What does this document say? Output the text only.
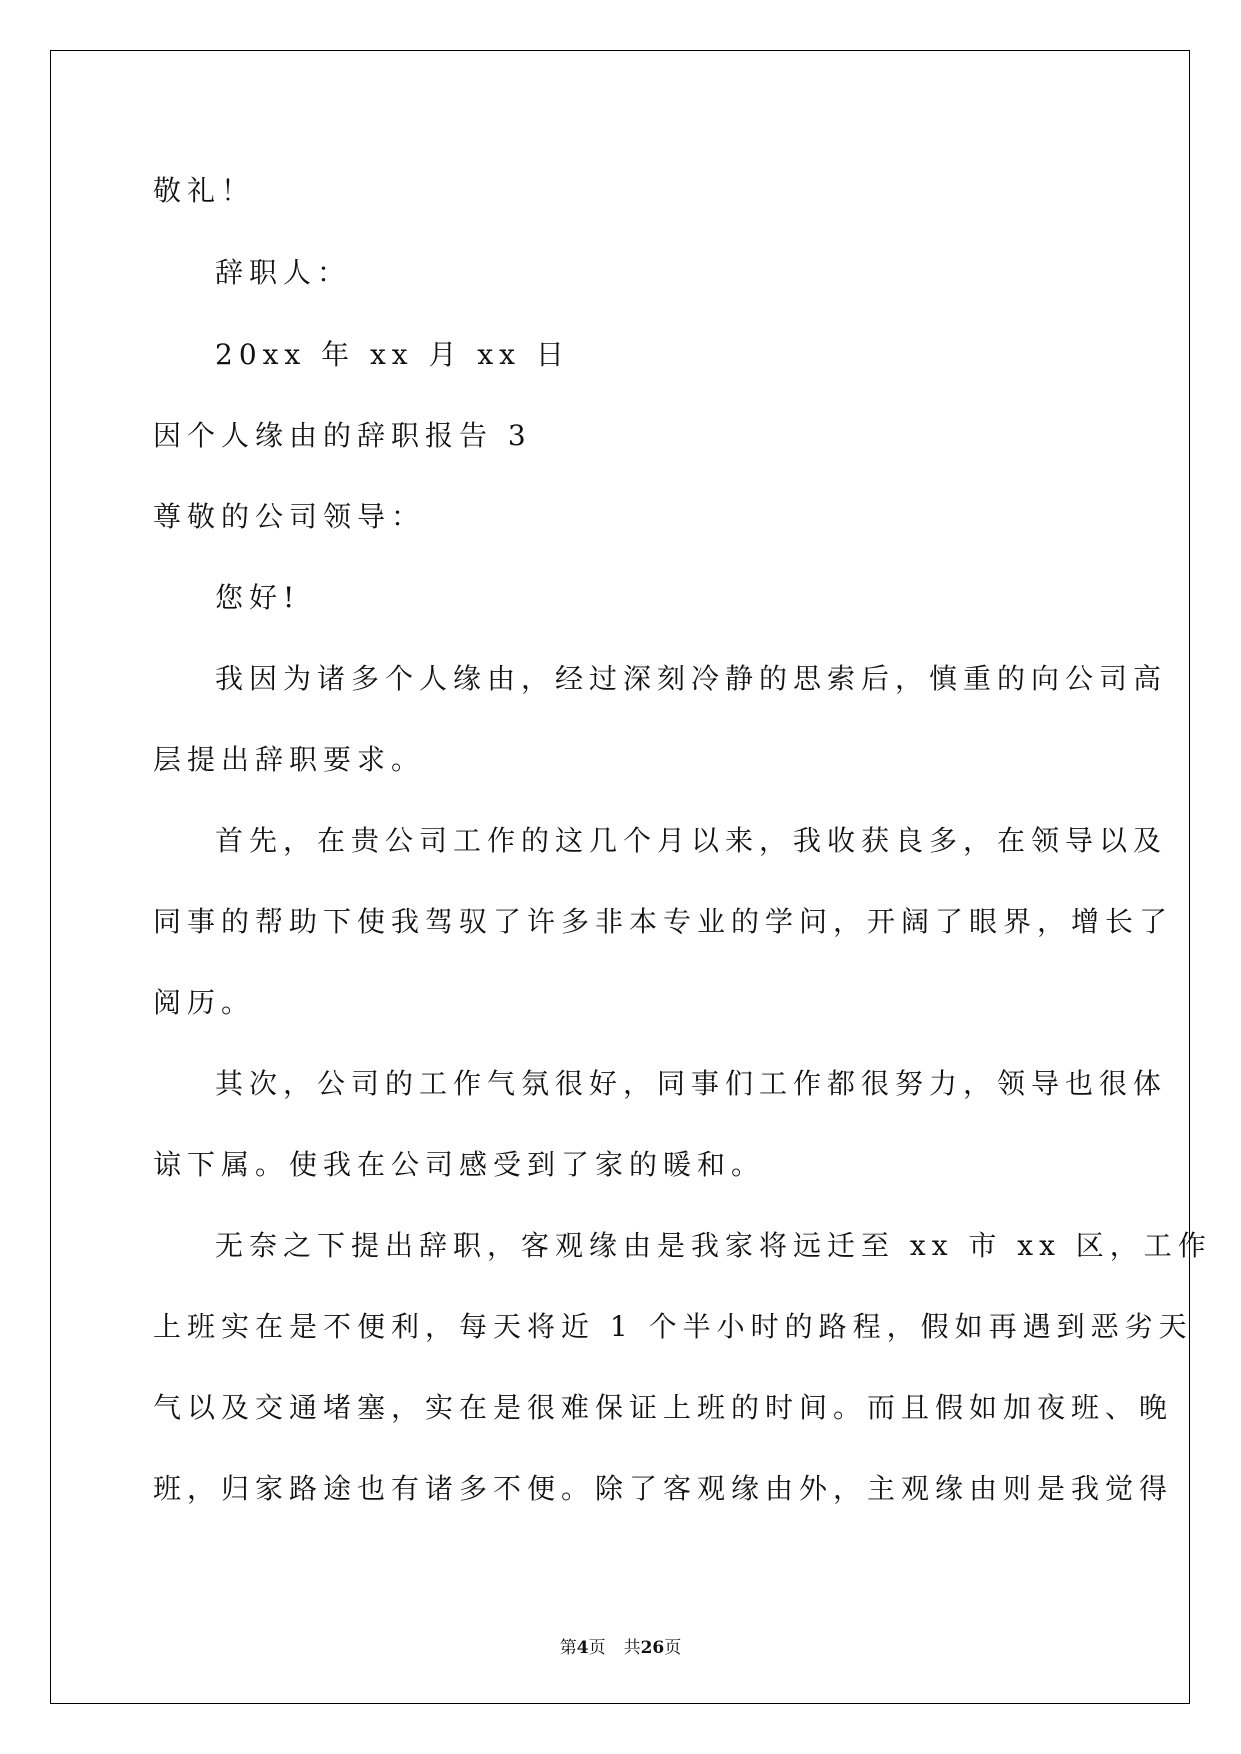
敬礼！
辞职人：
20xx 年 xx 月 xx 日
因个人缘由的辞职报告 3
尊敬的公司领导：
您好!
我因为诸多个人缘由，经过深刻冷静的思索后，慎重的向公司高
层提出辞职要求。
首先，在贵公司工作的这几个月以来，我收获良多，在领导以及
同事的帮助下使我驾驭了许多非本专业的学问，开阔了眼界，增长了
阅历。
其次，公司的工作气氛很好，同事们工作都很努力，领导也很体
谅下属。使我在公司感受到了家的暖和。
无奈之下提出辞职，客观缘由是我家将远迁至 xx 市 xx 区，工作
上班实在是不便利，每天将近 1 个半小时的路程，假如再遇到恶劣天
气以及交通堵塞，实在是很难保证上班的时间。而且假如加夜班、晚
班，归家路途也有诸多不便。除了客观缘由外，主观缘由则是我觉得
第4页 共26页
